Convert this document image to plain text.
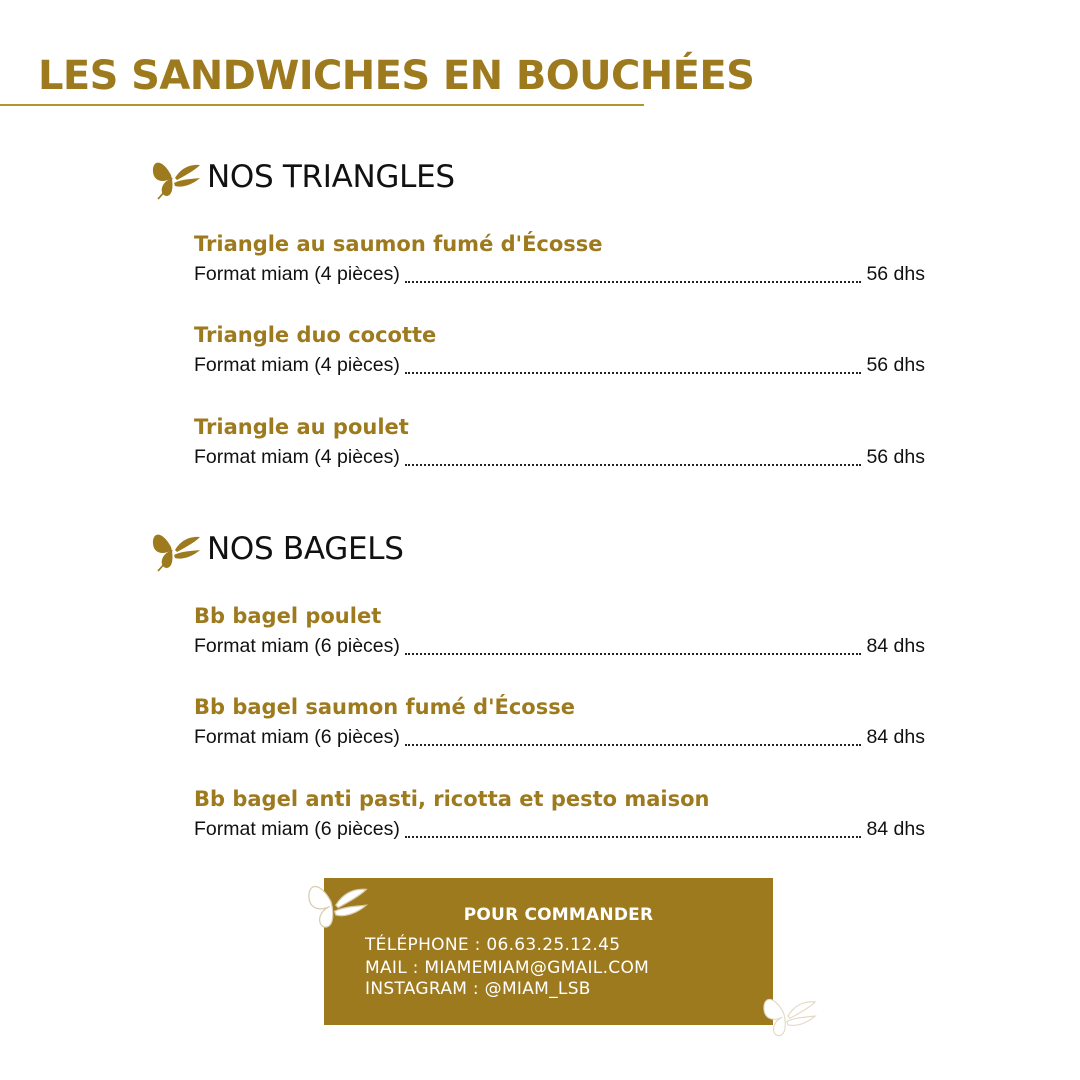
LES SANDWICHES EN BOUCHÉES
NOS TRIANGLES
Triangle au saumon fumé d'Écosse
Format miam (4 pièces)	56 dhs
Triangle duo cocotte
Format miam (4 pièces)	56 dhs
Triangle au poulet
Format miam (4 pièces)	56 dhs
NOS BAGELS
Bb bagel poulet
Format miam (6 pièces)	84 dhs
Bb bagel saumon fumé d'Écosse
Format miam (6 pièces)	84 dhs
Bb bagel anti pasti, ricotta et pesto maison
Format miam (6 pièces)	84 dhs
POUR COMMANDER
TÉLÉPHONE : 06.63.25.12.45
MAIL : MIAMEMIAM@GMAIL.COM
INSTAGRAM : @MIAM_LSB
